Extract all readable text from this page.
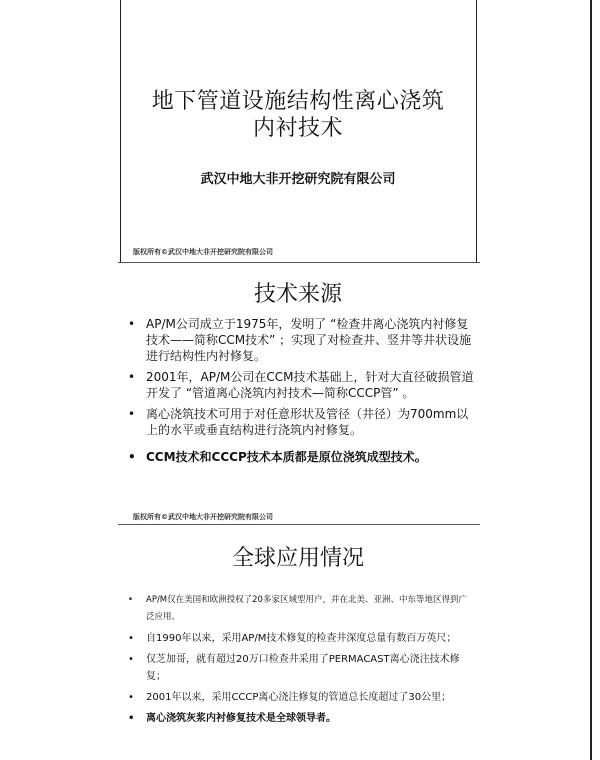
地下管道设施结构性离心浇筑
内衬技术
武汉中地大非开挖研究院有限公司
版权所有©武汉中地大非开挖研究院有限公司
技术来源
• AP/M公司成立于1975年，发明了 “检查井离心浇筑内衬修复技术——简称CCM技术” ；实现了对检查井、竖井等井状设施进行结构性内衬修复。
• 2001年，AP/M公司在CCM技术基础上，针对大直径破损管道开发了 “管道离心浇筑内衬技术—简称CCCP管” 。
• 离心浇筑技术可用于对任意形状及管径（井径）为700mm以上的水平或垂直结构进行浇筑内衬修复。
• CCM技术和CCCP技术本质都是原位浇筑成型技术。
版权所有©武汉中地大非开挖研究院有限公司
全球应用情况
• AP/M仅在美国和欧洲授权了20多家区域型用户，并在北美、亚洲、中东等地区得到广泛应用。
• 自1990年以来，采用AP/M技术修复的检查井深度总量有数百万英尺；
• 仅芝加哥，就有超过20万口检查井采用了PERMACAST离心浇注技术修复；
• 2001年以来，采用CCCP离心浇注修复的管道总长度超过了30公里；
• 离心浇筑灰浆内衬修复技术是全球领导者。
